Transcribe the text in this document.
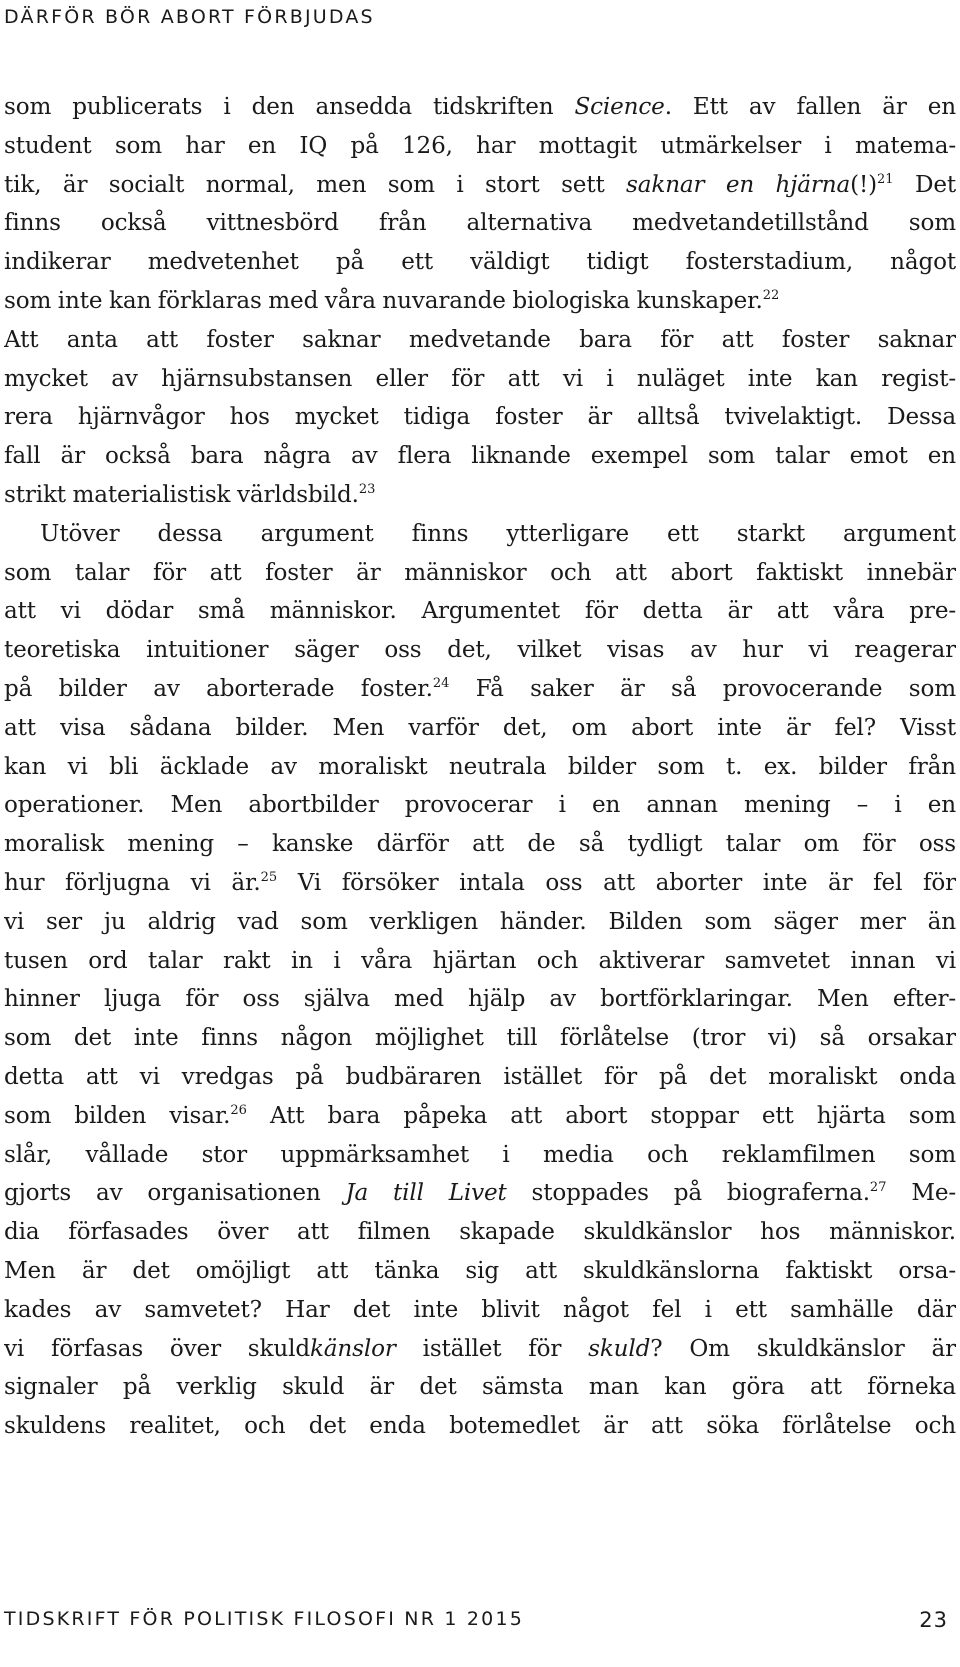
DÄRFÖR BÖR ABORT FÖRBJUDAS
som publicerats i den ansedda tidskriften Science. Ett av fallen är en
student som har en IQ på 126, har mottagit utmärkelser i matema-
tik, är socialt normal, men som i stort sett saknar en hjärna(!)$^{21}$ Det
finns också vittnesbörd från alternativa medvetandetillstånd som
indikerar medvetenhet på ett väldigt tidigt fosterstadium, något
som inte kan förklaras med våra nuvarande biologiska kunskaper.$^{22}$
Att anta att foster saknar medvetande bara för att foster saknar
mycket av hjärnsubstansen eller för att vi i nuläget inte kan regist-
rera hjärnvågor hos mycket tidiga foster är alltså tvivelaktigt. Dessa
fall är också bara några av flera liknande exempel som talar emot en
strikt materialistisk världsbild.$^{23}$
Utöver dessa argument finns ytterligare ett starkt argument
som talar för att foster är människor och att abort faktiskt innebär
att vi dödar små människor. Argumentet för detta är att våra pre-
teoretiska intuitioner säger oss det, vilket visas av hur vi reagerar
på bilder av aborterade foster.$^{24}$ Få saker är så provocerande som
att visa sådana bilder. Men varför det, om abort inte är fel? Visst
kan vi bli äcklade av moraliskt neutrala bilder som t. ex. bilder från
operationer. Men abortbilder provocerar i en annan mening – i en
moralisk mening – kanske därför att de så tydligt talar om för oss
hur förljugna vi är.$^{25}$ Vi försöker intala oss att aborter inte är fel för
vi ser ju aldrig vad som verkligen händer. Bilden som säger mer än
tusen ord talar rakt in i våra hjärtan och aktiverar samvetet innan vi
hinner ljuga för oss själva med hjälp av bortförklaringar. Men efter-
som det inte finns någon möjlighet till förlåtelse (tror vi) så orsakar
detta att vi vredgas på budbäraren istället för på det moraliskt onda
som bilden visar.$^{26}$ Att bara påpeka att abort stoppar ett hjärta som
slår, vållade stor uppmärksamhet i media och reklamfilmen som
gjorts av organisationen Ja till Livet stoppades på biograferna.$^{27}$ Me-
dia förfasades över att filmen skapade skuldkänslor hos människor.
Men är det omöjligt att tänka sig att skuldkänslorna faktiskt orsa-
kades av samvetet? Har det inte blivit något fel i ett samhälle där
vi förfasas över skuldkänslor istället för skuld? Om skuldkänslor är
signaler på verklig skuld är det sämsta man kan göra att förneka
skuldens realitet, och det enda botemedlet är att söka förlåtelse och
TIDSKRIFT FÖR POLITISK FILOSOFI NR 1 2015	23
